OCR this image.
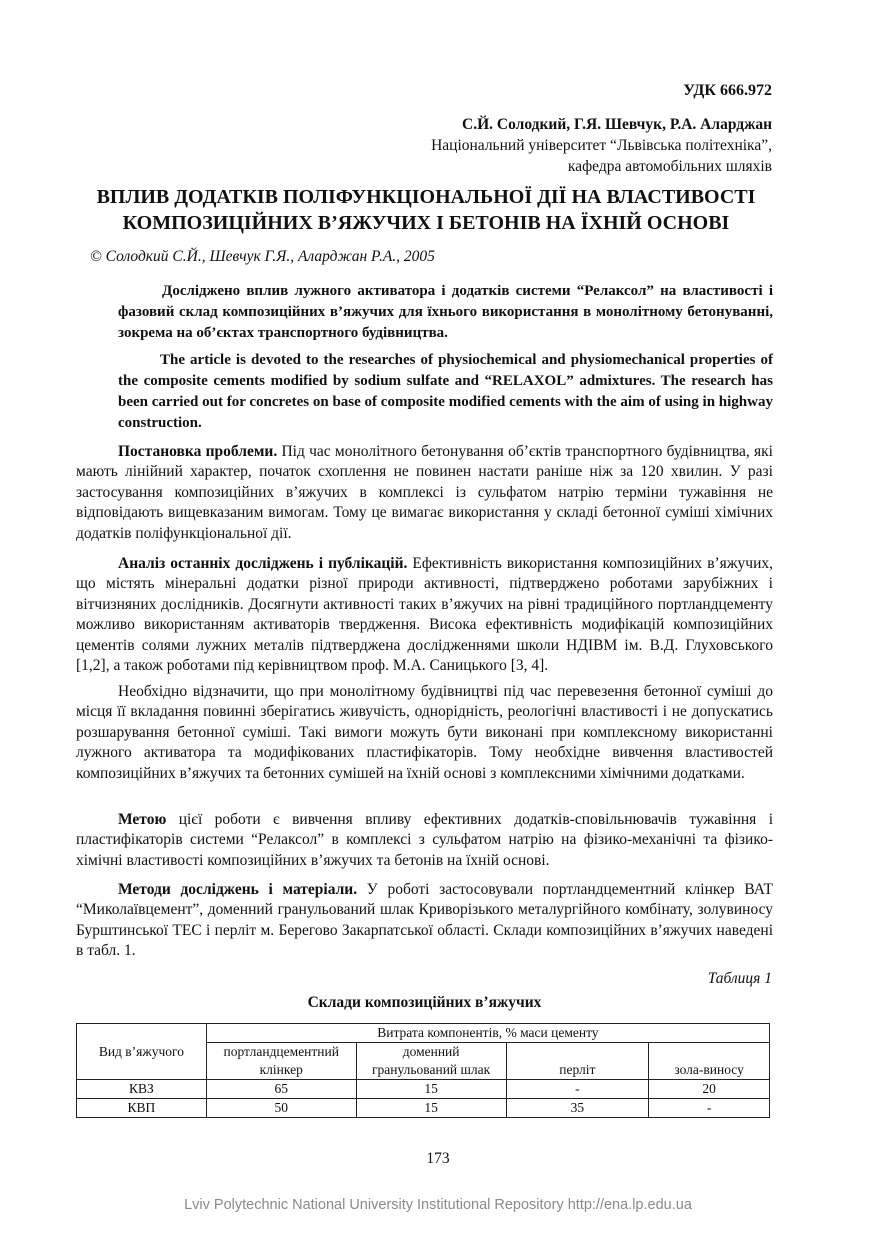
УДК 666.972
С.Й. Солодкий, Г.Я. Шевчук, Р.А. Аларджан
Національний університет “Львівська політехніка”,
кафедра автомобільних шляхів
ВПЛИВ ДОДАТКІВ ПОЛІФУНКЦІОНАЛЬНОЇ ДІЇ НА ВЛАСТИВОСТІ
КОМПОЗИЦІЙНИХ В’ЯЖУЧИХ І БЕТОНІВ НА ЇХНІЙ ОСНОВІ
© Солодкий С.Й., Шевчук Г.Я., Аларджан Р.А., 2005
Досліджено вплив лужного активатора і додатків системи “Релаксол” на властивості і фазовий склад композиційних в’яжучих для їхнього використання в монолітному бетонуванні, зокрема на об’єктах транспортного будівництва.
The article is devoted to the researches of physiochemical and physiomechanical properties of the composite cements modified by sodium sulfate and “RELAXOL” admixtures. The research has been carried out for concretes on base of composite modified cements with the aim of using in highway construction.

Постановка проблеми. Під час монолітного бетонування об’єктів транспортного будівництва, які мають лінійний характер, початок схоплення не повинен настати раніше ніж за 120 хвилин. У разі застосування композиційних в’яжучих в комплексі із сульфатом натрію терміни тужавіння не відповідають вищевказаним вимогам. Тому це вимагає використання у складі бетонної суміші хімічних додатків поліфункціональної дії.

Аналіз останніх досліджень і публікацій. Ефективність використання композиційних в’яжучих, що містять мінеральні додатки різної природи активності, підтверджено роботами зарубіжних і вітчизняних дослідників. Досягнути активності таких в’яжучих на рівні традиційного портландцементу можливо використанням активаторів твердження. Висока ефективність модифікацій композиційних цементів солями лужних металів підтверджена дослідженнями школи НДІВМ ім. В.Д. Глуховського [1,2], а також роботами під керівництвом проф. М.А. Саницького [3, 4].

Необхідно відзначити, що при монолітному будівництві під час перевезення бетонної суміші до місця її вкладання повинні зберігатись живучість, однорідність, реологічні властивості і не допускатись розшарування бетонної суміші. Такі вимоги можуть бути виконані при комплексному використанні лужного активатора та модифікованих пластифікаторів. Тому необхідне вивчення властивостей композиційних в’яжучих та бетонних сумішей на їхній основі з комплексними хімічними додатками.

Метою цієї роботи є вивчення впливу ефективних додатків-сповільнювачів тужавіння і пластифікаторів системи “Релаксол” в комплексі з сульфатом натрію на фізико-механічні та фізико-хімічні властивості композиційних в’яжучих та бетонів на їхній основі.

Методи досліджень і матеріали. У роботі застосовували портландцементний клінкер ВАТ “Миколаївцемент”, доменний гранульований шлак Криворізького металургійного комбінату, золувиносу Бурштинської ТЕС і перліт м. Берегово Закарпатської області. Склади композиційних в’яжучих наведені в табл. 1.

Таблиця 1
Склади композиційних в’яжучих
Вид в’яжучого	Витрата компонентів, % маси цементу			
	портландцементний	доменний		
	клінкер	гранульований шлак	перліт	зола-виносу
КВЗ	65	15	-	20
КВП	50	15	35	-
173
Lviv Polytechnic National University Institutional Repository http://ena.lp.edu.ua
